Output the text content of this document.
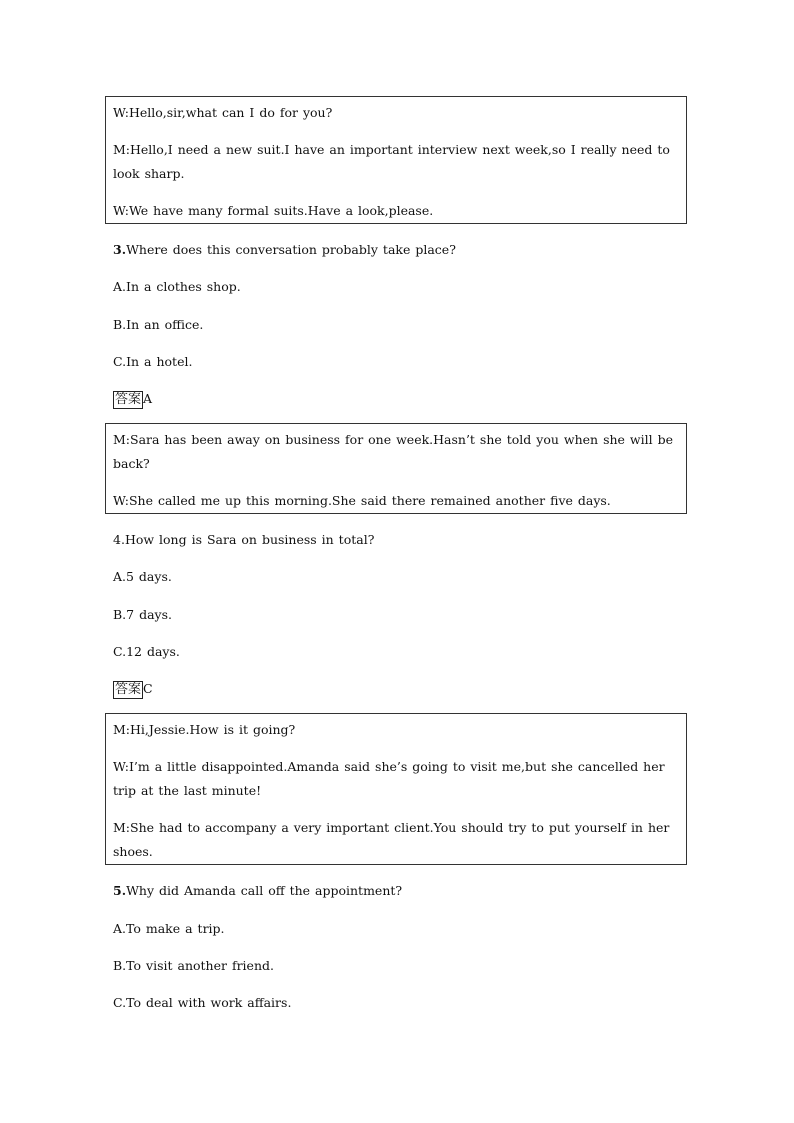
W:Hello,sir,what can I do for you?

M:Hello,I need a new suit.I have an important interview next week,so I really need to look sharp.

W:We have many formal suits.Have a look,please.

3.Where does this conversation probably take place?

A.In a clothes shop.

B.In an office.

C.In a hotel.

答案 A

M:Sara has been away on business for one week.Hasn’t she told you when she will be back?

W:She called me up this morning.She said there remained another five days.

4.How long is Sara on business in total?

A.5 days.

B.7 days.

C.12 days.

答案 C

M:Hi,Jessie.How is it going?

W:I’m a little disappointed.Amanda said she’s going to visit me,but she cancelled her trip at the last minute!

M:She had to accompany a very important client.You should try to put yourself in her shoes.

5.Why did Amanda call off the appointment?

A.To make a trip.

B.To visit another friend.

C.To deal with work affairs.
